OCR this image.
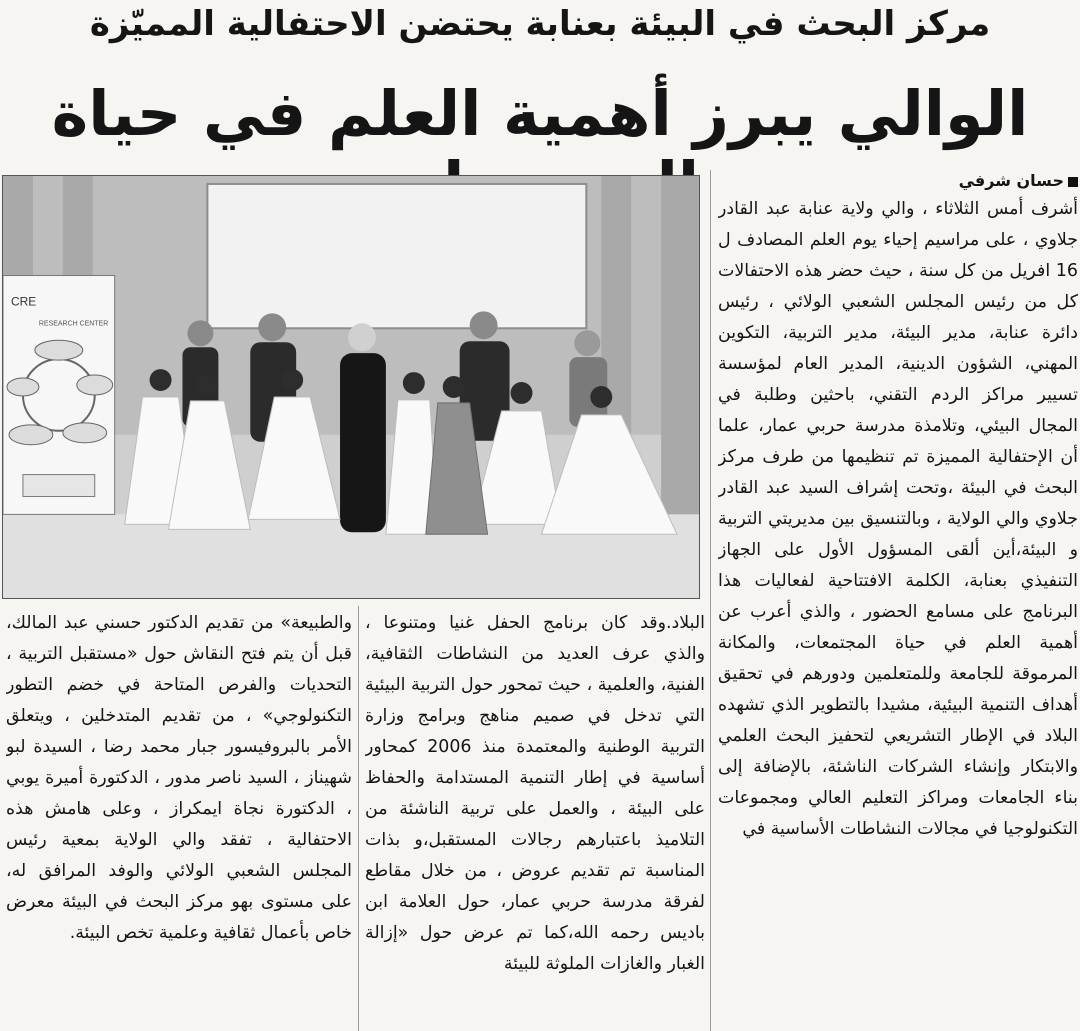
مركز البحث في البيئة بعنابة يحتضن الاحتفالية المميّزة
الوالي يبرز أهمية العلم في حياة
CRE
RESEARCH CENTER
حسان شرفي

أشرف أمس الثلاثاء ، والي ولاية عنابة عبد القادر جلاوي ، على مراسيم إحياء يوم العلم المصادف ل 16 افريل من كل سنة ، حيث حضر هذه الاحتفالات كل من رئيس المجلس الشعبي الولائي ، رئيس دائرة عنابة، مدير البيئة، مدير التربية، التكوين المهني، الشؤون الدينية، المدير العام لمؤسسة تسيير مراكز الردم التقني، باحثين وطلبة في المجال البيئي، وتلامذة مدرسة حربي عمار، علما أن الإحتفالية المميزة تم تنظيمها من طرف مركز البحث في البيئة ،وتحت إشراف السيد عبد القادر جلاوي والي الولاية ، وبالتنسيق بين مديريتي التربية و البيئة،أين ألقى المسؤول الأول على الجهاز التنفيذي بعنابة، الكلمة الافتتاحية لفعاليات هذا البرنامج على مسامع الحضور ، والذي أعرب عن أهمية العلم في حياة المجتمعات، والمكانة المرموقة للجامعة وللمتعلمين ودورهم في تحقيق أهداف التنمية البيئية، مشيدا بالتطوير الذي تشهده البلاد في الإطار التشريعي لتحفيز البحث العلمي والابتكار وإنشاء الشركات الناشئة، بالإضافة إلى بناء الجامعات ومراكز التعليم العالي ومجموعات التكنولوجيا في مجالات النشاطات الأساسية في

البلاد.وقد كان برنامج الحفل غنيا ومتنوعا ، والذي عرف العديد من النشاطات الثقافية، الفنية، والعلمية ، حيث تمحور حول التربية البيئية التي تدخل في صميم مناهج وبرامج وزارة التربية الوطنية والمعتمدة منذ 2006 كمحاور أساسية في إطار التنمية المستدامة والحفاظ على البيئة ، والعمل على تربية الناشئة من التلاميذ باعتبارهم رجالات المستقبل،و بذات المناسبة تم تقديم عروض ، من خلال مقاطع لفرقة مدرسة حربي عمار، حول العلامة ابن باديس رحمه الله،كما تم عرض حول «إزالة الغبار والغازات الملوثة للبيئة

والطبيعة» من تقديم الدكتور حسني عبد المالك، قبل أن يتم فتح النقاش حول «مستقبل التربية ، التحديات والفرص المتاحة في خضم التطور التكنولوجي» ، من تقديم المتدخلين ، ويتعلق الأمر بالبروفيسور جبار محمد رضا ، السيدة لبو شهيناز ، السيد ناصر مدور ، الدكتورة أميرة يوبي ، الدكتورة نجاة ايمكراز ، وعلى هامش هذه الاحتفالية ، تفقد والي الولاية بمعية رئيس المجلس الشعبي الولائي والوفد المرافق له، على مستوى بهو مركز البحث في البيئة معرض خاص بأعمال ثقافية وعلمية تخص البيئة.
